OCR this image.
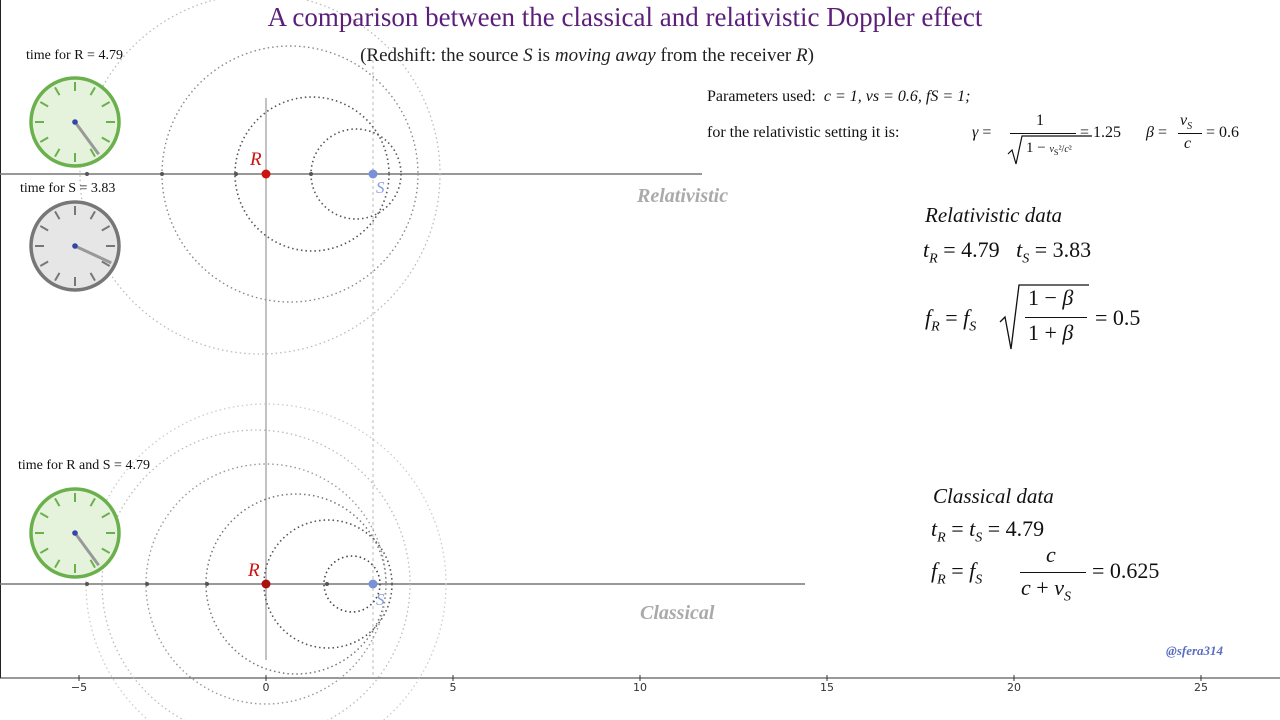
A comparison between the classical and relativistic Doppler effect
(Redshift: the source S is moving away from the receiver R)
Parameters used: c = 1, vs = 0.6, fS = 1;
for the relativistic setting it is:	γ =
1
$1 - v_S^2/c^2$
= 1.25 β =
$v_S$
c
= 0.6
Relativistic
Classical
R
S
R
S
time for R = 4.79
time for S = 3.83
time for R and S = 4.79
Relativistic data
$t_R = 4.79$ $t_S = 3.83$
$f_R = f_S$
1 − β
1 + β
= 0.5
Classical data
$t_R = t_S = 4.79$
$f_R = f_S$
c
$c + v_S$
= 0.625
@sfera314
−5	0	5	10	15	20	25
